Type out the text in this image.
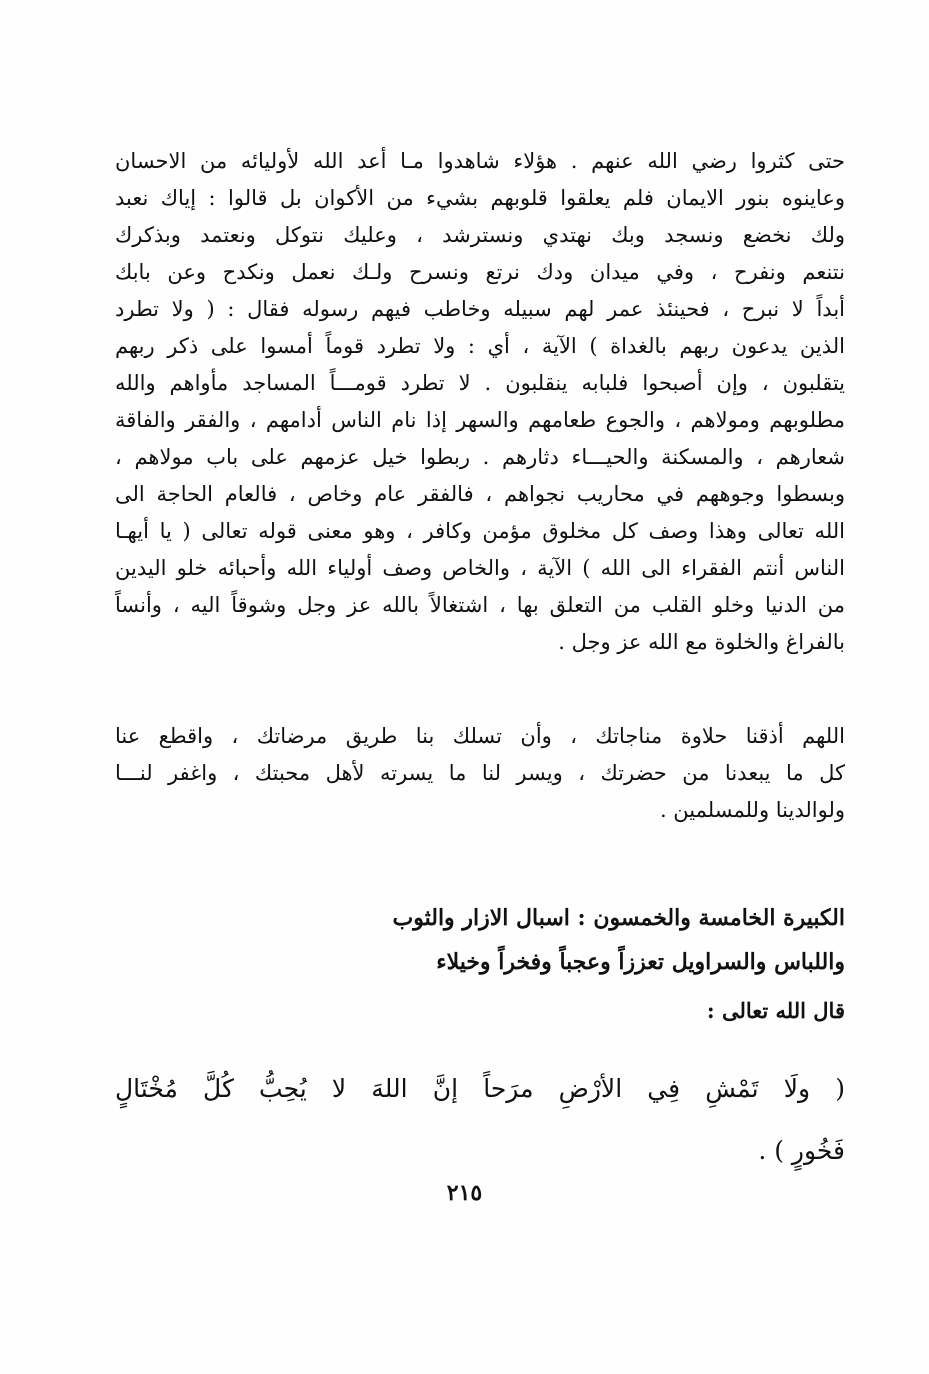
حتى كثروا رضي الله عنهم . هؤلاء شاهدوا مـا أعد الله لأوليائه من الاحسان
وعاينوه بنور الايمان فلم يعلقوا قلوبهم بشيء من الأكوان بل قالوا : إياك نعبد
ولك نخضع ونسجد وبك نهتدي ونسترشد ، وعليك نتوكل ونعتمد وبذكرك
نتنعم ونفرح ، وفي ميدان ودك نرتع ونسرح ولـك نعمل ونكدح وعن بابك
أبداً لا نبرح ، فحينئذ عمر لهم سبيله وخاطب فيهم رسوله فقال : ( ولا تطرد
الذين يدعون ربهم بالغداة ) الآية ، أي : ولا تطرد قوماً أمسوا على ذكر ربهم
يتقلبون ، وإن أصبحوا فلبابه ينقلبون . لا تطرد قومـــاً المساجد مأواهم والله
مطلوبهم ومولاهم ، والجوع طعامهم والسهر إذا نام الناس أدامهم ، والفقر والفاقة
شعارهم ، والمسكنة والحيـــاء دثارهم . ربطوا خيل عزمهم على باب مولاهم ،
وبسطوا وجوههم في محاريب نجواهم ، فالفقر عام وخاص ، فالعام الحاجة الى
الله تعالى وهذا وصف كل مخلوق مؤمن وكافر ، وهو معنى قوله تعالى ( يا أيهـا
الناس أنتم الفقراء الى الله ) الآية ، والخاص وصف أولياء الله وأحبائه خلو اليدين
من الدنيا وخلو القلب من التعلق بها ، اشتغالاً بالله عز وجل وشوقاً اليه ، وأنساً
بالفراغ والخلوة مع الله عز وجل .
اللهم أذقنا حلاوة مناجاتك ، وأن تسلك بنا طريق مرضاتك ، واقطع عنا
كل ما يبعدنا من حضرتك ، ويسر لنا ما يسرته لأهل محبتك ، واغفر لنـــا
ولوالدينا وللمسلمين .
الكبيرة الخامسة والخمسون : اسبال الازار والثوب
واللباس والسراويل تعززاً وعجباً وفخراً وخيلاء
قال الله تعالى :
( ولَا تَمْشِ فِي الأرْضِ مرَحاً إنَّ اللهَ لا يُحِبُّ كُلَّ مُخْتَالٍ
فَخُورٍ ) .
٢١٥
